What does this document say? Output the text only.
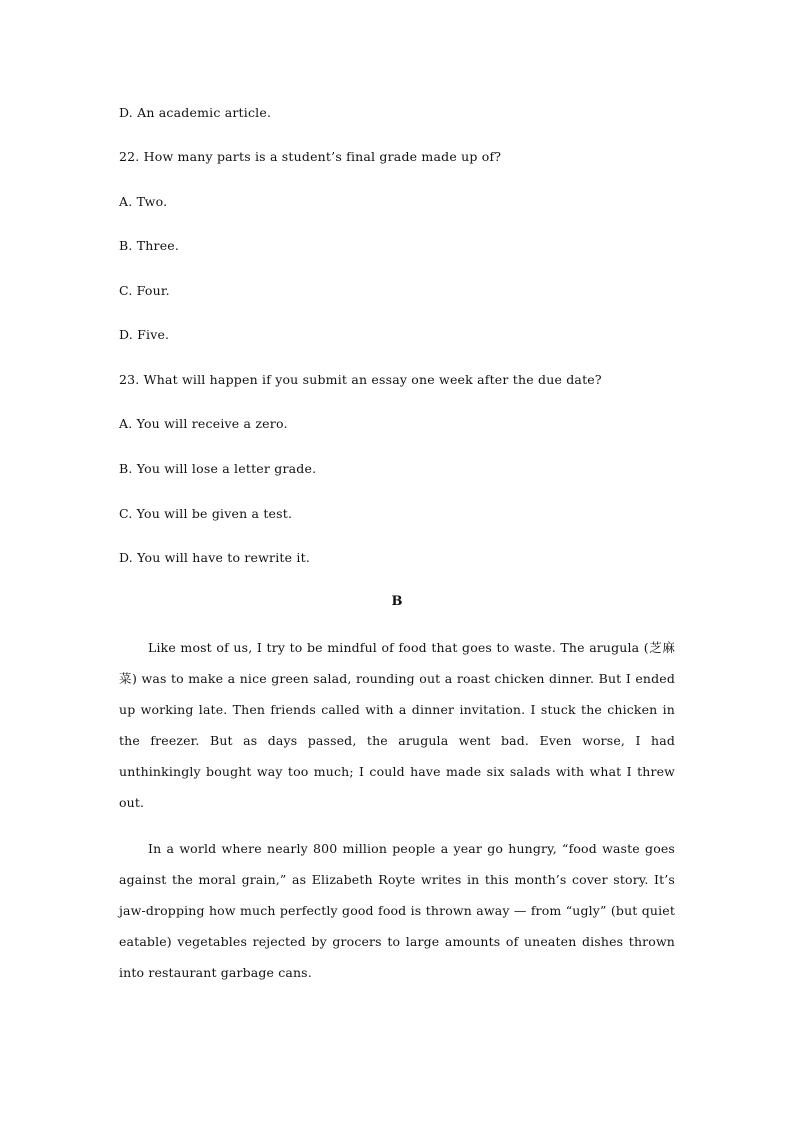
D. An academic article.

22. How many parts is a student’s final grade made up of?

A. Two.

B. Three.

C. Four.

D. Five.

23. What will happen if you submit an essay one week after the due date?

A. You will receive a zero.

B. You will lose a letter grade.

C. You will be given a test.

D. You will have to rewrite it.

B

Like most of us, I try to be mindful of food that goes to waste. The arugula (芝麻菜) was to make a nice green salad, rounding out a roast chicken dinner. But I ended up working late. Then friends called with a dinner invitation. I stuck the chicken in the freezer. But as days passed, the arugula went bad. Even worse, I had unthinkingly bought way too much; I could have made six salads with what I threw out.

In a world where nearly 800 million people a year go hungry, “food waste goes against the moral grain,” as Elizabeth Royte writes in this month’s cover story. It’s jaw-dropping how much perfectly good food is thrown away — from “ugly” (but quiet eatable) vegetables rejected by grocers to large amounts of uneaten dishes thrown into restaurant garbage cans.
